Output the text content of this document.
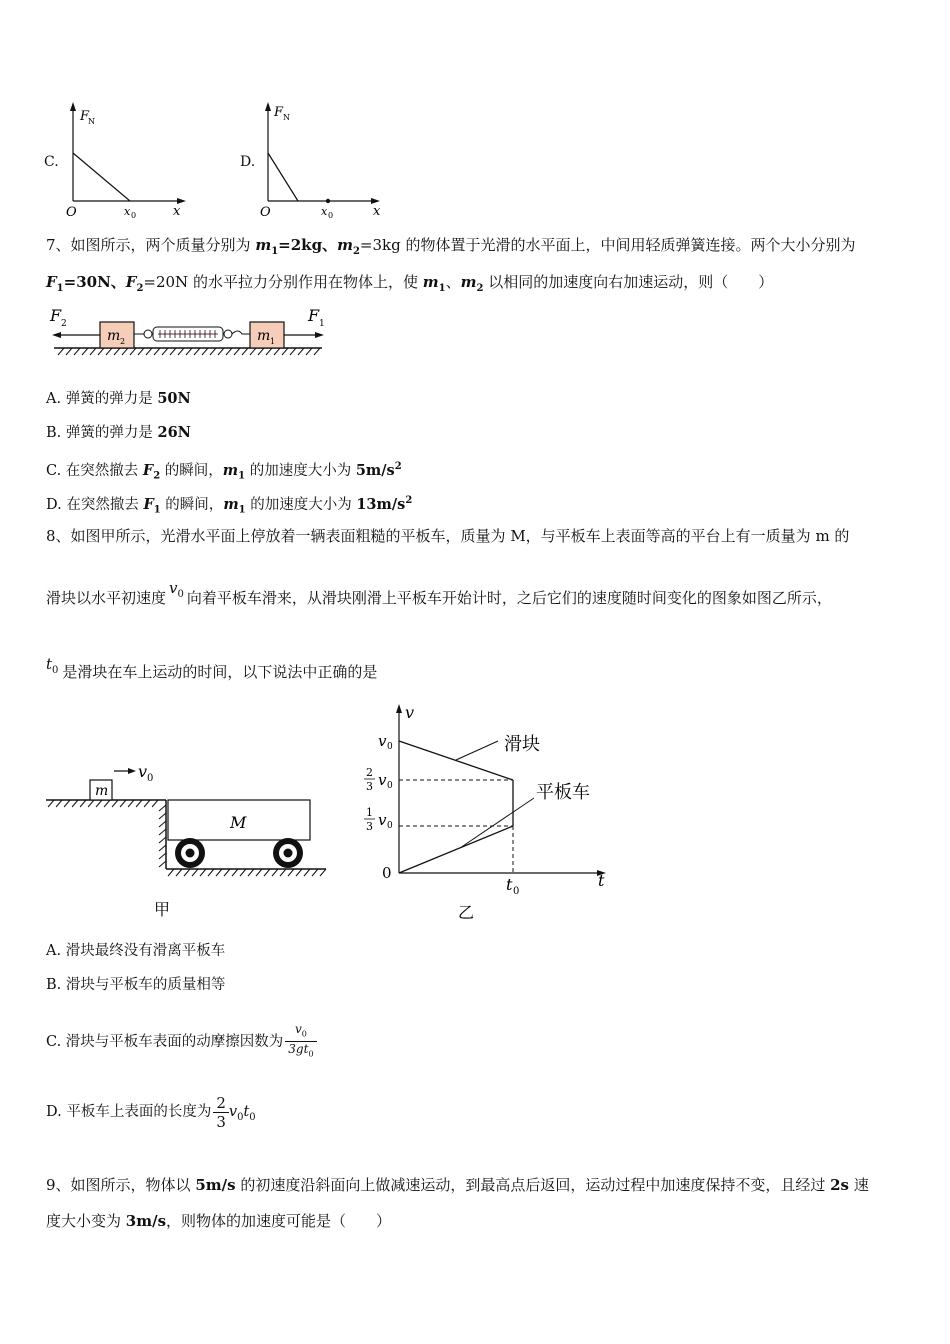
C.
F
N
O	x 0	x
D.
F N
O	x 0	x
7、如图所示，两个质量分别为 $m_1=2kg$、$m_2=3kg$ 的物体置于光滑的水平面上，中间用轻质弹簧连接。两个大小分别为
$F_1=30N$、$F_2=20N$ 的水平拉力分别作用在物体上，使 $m_1$、$m_2$ 以相同的加速度向右加速运动，则（　　）
m 2	m 1
F 2	F 1
A. 弹簧的弹力是 50N
B. 弹簧的弹力是 26N
C. 在突然撤去 $F_2$ 的瞬间，$m_1$ 的加速度大小为 $5m/s^2$
D. 在突然撤去 $F_1$ 的瞬间，$m_1$ 的加速度大小为 $13m/s^2$
8、如图甲所示，光滑水平面上停放着一辆表面粗糙的平板车，质量为 M，与平板车上表面等高的平台上有一质量为 m 的
滑块以水平初速度$v_0$ 向着平板车滑来，从滑块刚滑上平板车开始计时，之后它们的速度随时间变化的图象如图乙所示，
$t_0$ 是滑块在车上运动的时间，以下说法中正确的是
m
v 0
M
甲
v
t
0
v 0
2
3 v 0
1
3 v 0
滑块
平板车
t 0
乙
A. 滑块最终没有滑离平板车
B. 滑块与平板车的质量相等
C. 滑块与平板车表面的动摩擦因数为 $\frac{v_0}{3gt_0}$
D. 平板车上表面的长度为 $\frac{2}{3} v_0t_0$
9、如图所示，物体以 5m/s 的初速度沿斜面向上做减速运动，到最高点后返回，运动过程中加速度保持不变，且经过 2s 速
度大小变为 3m/s，则物体的加速度可能是（　　）
